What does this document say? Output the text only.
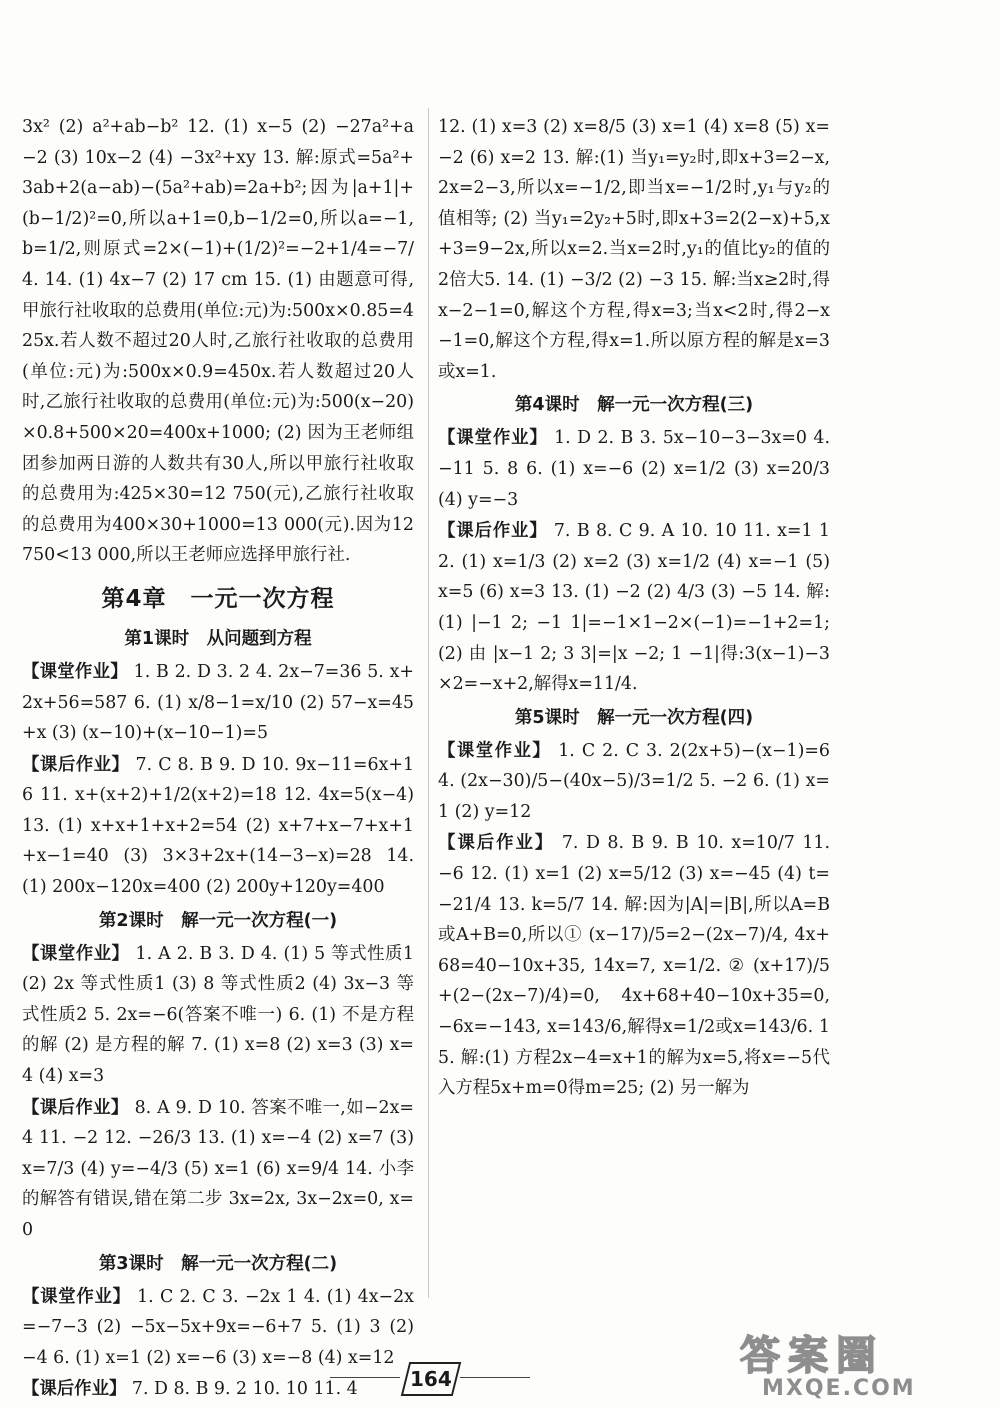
3x² (2) a²+ab−b² 12. (1) x−5 (2) −27a²+a−2 (3) 10x−2 (4) −3x²+xy 13. 解:原式=5a²+3ab+2(a−ab)−(5a²+ab)=2a+b²;因为|a+1|+(b−1/2)²=0,所以a+1=0,b−1/2=0,所以a=−1,b=1/2,则原式=2×(−1)+(1/2)²=−2+1/4=−7/4. 14. (1) 4x−7 (2) 17 cm 15. (1) 由题意可得,甲旅行社收取的总费用(单位:元)为:500x×0.85=425x.若人数不超过20人时,乙旅行社收取的总费用(单位:元)为:500x×0.9=450x.若人数超过20人时,乙旅行社收取的总费用(单位:元)为:500(x−20)×0.8+500×20=400x+1000; (2) 因为王老师组团参加两日游的人数共有30人,所以甲旅行社收取的总费用为:425×30=12 750(元),乙旅行社收取的总费用为400×30+1000=13 000(元).因为12 750<13 000,所以王老师应选择甲旅行社.

第4章　一元一次方程
第1课时　从问题到方程

【课堂作业】 1. B 2. D 3. 2 4. 2x−7=36 5. x+2x+56=587 6. (1) x/8−1=x/10 (2) 57−x=45+x (3) (x−10)+(x−10−1)=5

【课后作业】 7. C 8. B 9. D 10. 9x−11=6x+16 11. x+(x+2)+1/2(x+2)=18 12. 4x=5(x−4) 13. (1) x+x+1+x+2=54 (2) x+7+x−7+x+1+x−1=40 (3) 3×3+2x+(14−3−x)=28 14. (1) 200x−120x=400 (2) 200y+120y=400

第2课时　解一元一次方程(一)

【课堂作业】 1. A 2. B 3. D 4. (1) 5 等式性质1 (2) 2x 等式性质1 (3) 8 等式性质2 (4) 3x−3 等式性质2 5. 2x=−6(答案不唯一) 6. (1) 不是方程的解 (2) 是方程的解 7. (1) x=8 (2) x=3 (3) x=4 (4) x=3

【课后作业】 8. A 9. D 10. 答案不唯一,如−2x=4 11. −2 12. −26/3 13. (1) x=−4 (2) x=7 (3) x=7/3 (4) y=−4/3 (5) x=1 (6) x=9/4 14. 小李的解答有错误,错在第二步 3x=2x, 3x−2x=0, x=0

第3课时　解一元一次方程(二)

【课堂作业】 1. C 2. C 3. −2x 1 4. (1) 4x−2x=−7−3 (2) −5x−5x+9x=−6+7 5. (1) 3 (2) −4 6. (1) x=1 (2) x=−6 (3) x=−8 (4) x=12

【课后作业】 7. D 8. B 9. 2 10. 10 11. 4

12. (1) x=3 (2) x=8/5 (3) x=1 (4) x=8 (5) x=−2 (6) x=2 13. 解:(1) 当y₁=y₂时,即x+3=2−x,2x=2−3,所以x=−1/2,即当x=−1/2时,y₁与y₂的值相等; (2) 当y₁=2y₂+5时,即x+3=2(2−x)+5,x+3=9−2x,所以x=2.当x=2时,y₁的值比y₂的值的2倍大5. 14. (1) −3/2 (2) −3 15. 解:当x≥2时,得x−2−1=0,解这个方程,得x=3;当x<2时,得2−x−1=0,解这个方程,得x=1.所以原方程的解是x=3或x=1.

第4课时　解一元一次方程(三)

【课堂作业】 1. D 2. B 3. 5x−10−3−3x=0 4. −11 5. 8 6. (1) x=−6 (2) x=1/2 (3) x=20/3 (4) y=−3

【课后作业】 7. B 8. C 9. A 10. 10 11. x=1 12. (1) x=1/3 (2) x=2 (3) x=1/2 (4) x=−1 (5) x=5 (6) x=3 13. (1) −2 (2) 4/3 (3) −5 14. 解:(1) |−1 2; −1 1|=−1×1−2×(−1)=−1+2=1; (2) 由 |x−1 2; 3 3|=|x −2; 1 −1|得:3(x−1)−3×2=−x+2,解得x=11/4.

第5课时　解一元一次方程(四)

【课堂作业】 1. C 2. C 3. 2(2x+5)−(x−1)=6 4. (2x−30)/5−(40x−5)/3=1/2 5. −2 6. (1) x=1 (2) y=12

【课后作业】 7. D 8. B 9. B 10. x=10/7 11. −6 12. (1) x=1 (2) x=5/12 (3) x=−45 (4) t=−21/4 13. k=5/7 14. 解:因为|A|=|B|,所以A=B或A+B=0,所以① (x−17)/5=2−(2x−7)/4, 4x+68=40−10x+35, 14x=7, x=1/2. ② (x+17)/5+(2−(2x−7)/4)=0, 4x+68+40−10x+35=0, −6x=−143, x=143/6,解得x=1/2或x=143/6. 15. 解:(1) 方程2x−4=x+1的解为x=5,将x=−5代入方程5x+m=0得m=25; (2) 另一解为

164	答案圈
MXQE.COM
